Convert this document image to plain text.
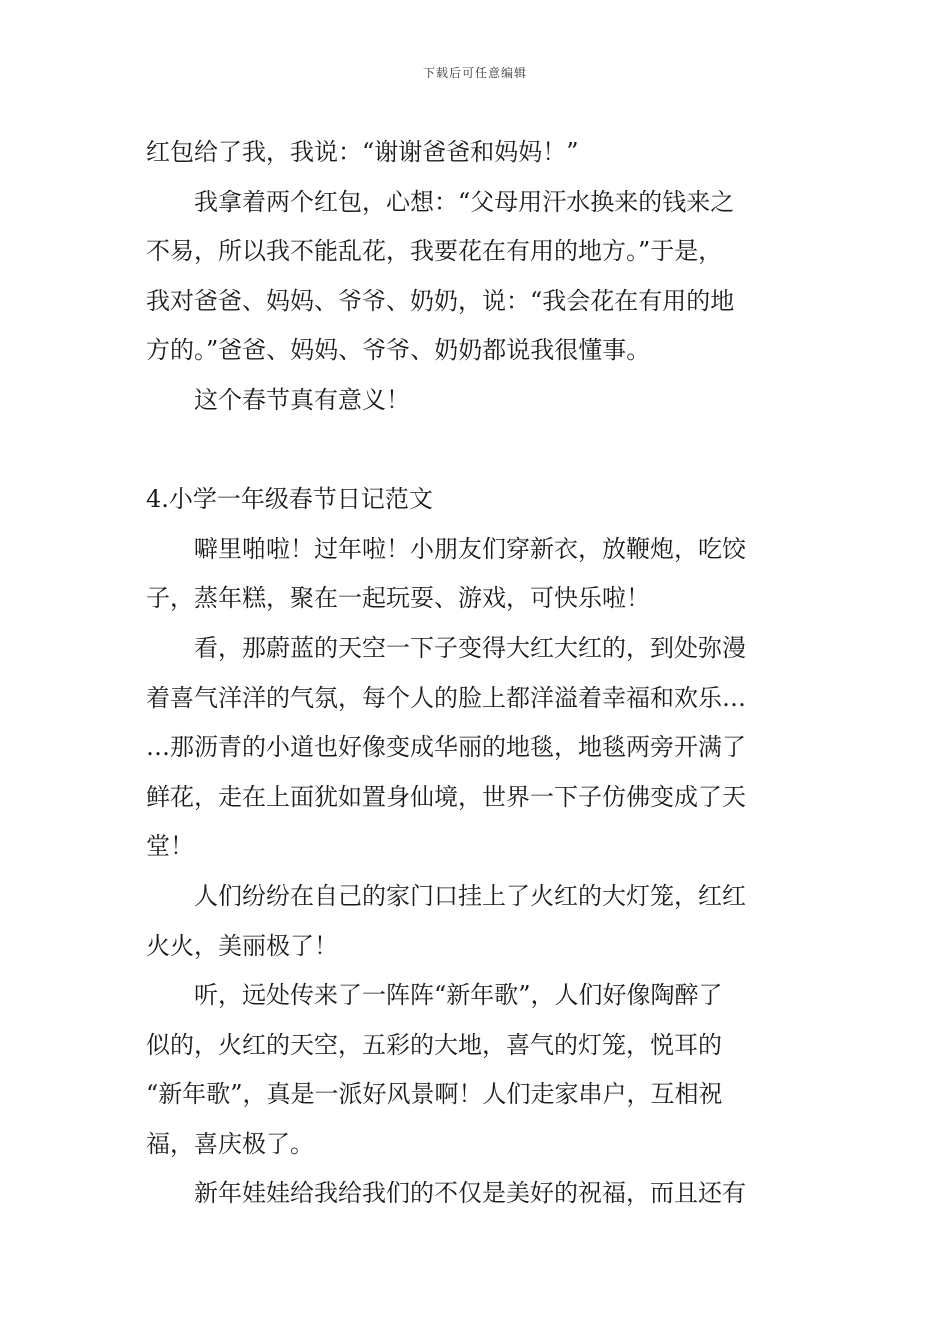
下载后可任意编辑
红包给了我，我说：“谢谢爸爸和妈妈！”
我拿着两个红包，心想：“父母用汗水换来的钱来之
不易，所以我不能乱花，我要花在有用的地方。”于是，
我对爸爸、妈妈、爷爷、奶奶，说：“我会花在有用的地
方的。”爸爸、妈妈、爷爷、奶奶都说我很懂事。
这个春节真有意义！
4.小学一年级春节日记范文
噼里啪啦！过年啦！小朋友们穿新衣，放鞭炮，吃饺
子，蒸年糕，聚在一起玩耍、游戏，可快乐啦！
看，那蔚蓝的天空一下子变得大红大红的，到处弥漫
着喜气洋洋的气氛，每个人的脸上都洋溢着幸福和欢乐…
…那沥青的小道也好像变成华丽的地毯，地毯两旁开满了
鲜花，走在上面犹如置身仙境，世界一下子仿佛变成了天
堂！
人们纷纷在自己的家门口挂上了火红的大灯笼，红红
火火，美丽极了！
听，远处传来了一阵阵“新年歌”，人们好像陶醉了
似的，火红的天空，五彩的大地，喜气的灯笼，悦耳的
“新年歌”，真是一派好风景啊！人们走家串户，互相祝
福，喜庆极了。
新年娃娃给我给我们的不仅是美好的祝福，而且还有
